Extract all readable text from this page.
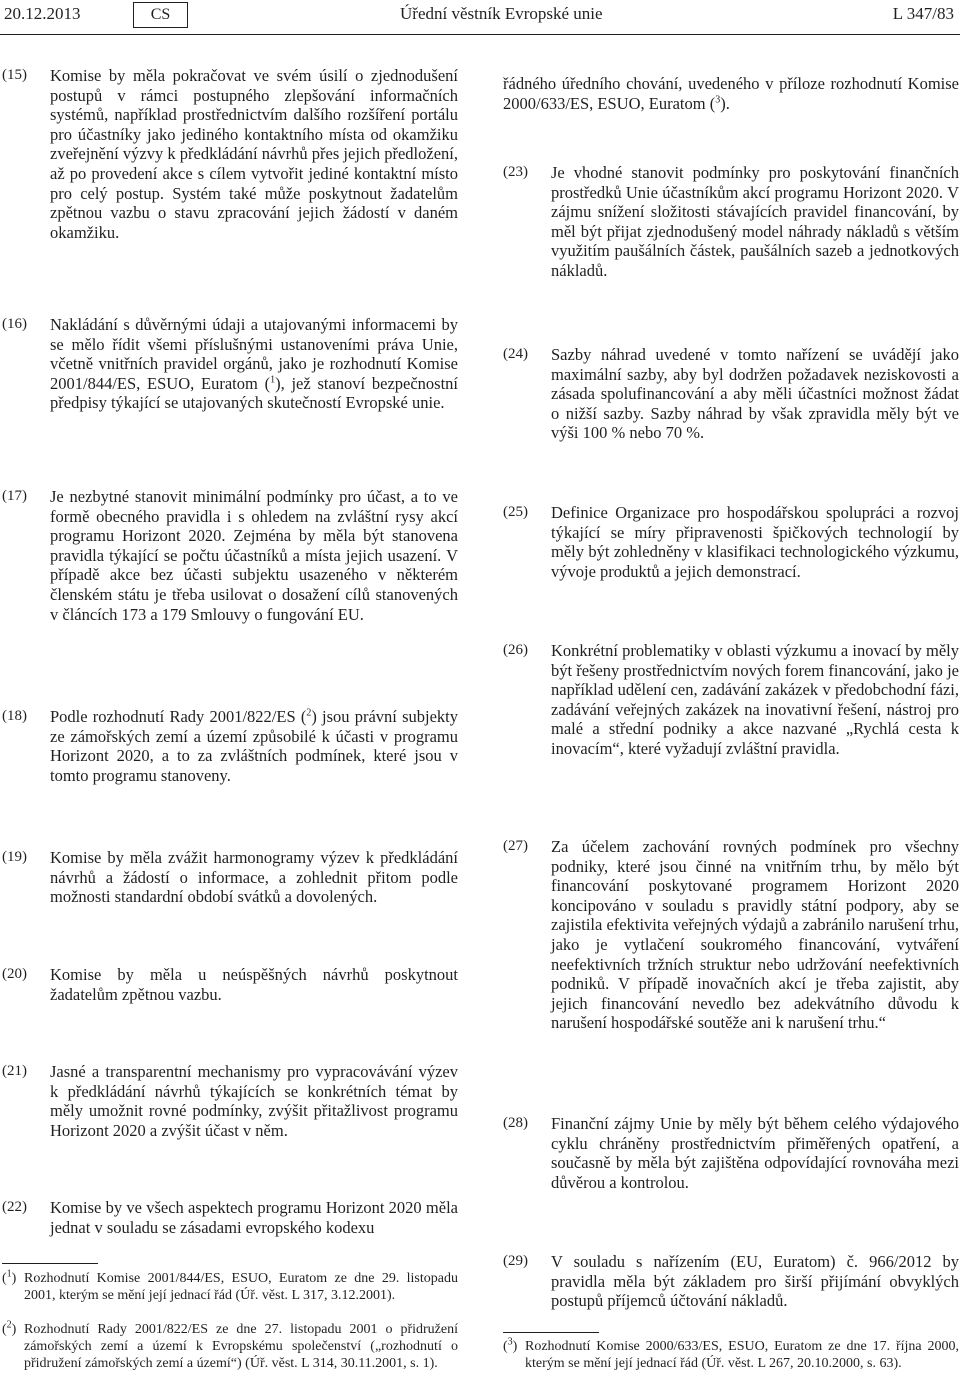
20.12.2013	CS	Úřední věstník Evropské unie	L 347/83
(15)	Komise by měla pokračovat ve svém úsilí o zjednodušení postupů v rámci postupného zlepšování informačních systémů, například prostřednictvím dalšího rozšíření portálu pro účastníky jako jediného kontaktního místa od okamžiku zveřejnění výzvy k předkládání návrhů přes jejich předložení, až po provedení akce s cílem vytvořit jediné kontaktní místo pro celý postup. Systém také může poskytnout žadatelům zpětnou vazbu o stavu zpracování jejich žádostí v daném okamžiku.
(16)	Nakládání s důvěrnými údaji a utajovanými informacemi by se mělo řídit všemi příslušnými ustanoveními práva Unie, včetně vnitřních pravidel orgánů, jako je rozhodnutí Komise 2001/844/ES, ESUO, Euratom ($^1$), jež stanoví bezpečnostní předpisy týkající se utajovaných skutečností Evropské unie.
(17)	Je nezbytné stanovit minimální podmínky pro účast, a to ve formě obecného pravidla i s ohledem na zvláštní rysy akcí programu Horizont 2020. Zejména by měla být stanovena pravidla týkající se počtu účastníků a místa jejich usazení. V případě akce bez účasti subjektu usazeného v některém členském státu je třeba usilovat o dosažení cílů stanovených v článcích 173 a 179 Smlouvy o fungování EU.
(18)	Podle rozhodnutí Rady 2001/822/ES ($^2$) jsou právní subjekty ze zámořských zemí a území způsobilé k účasti v programu Horizont 2020, a to za zvláštních podmínek, které jsou v tomto programu stanoveny.
(19)	Komise by měla zvážit harmonogramy výzev k předkládání návrhů a žádostí o informace, a zohlednit přitom podle možnosti standardní období svátků a dovolených.
(20)	Komise by měla u neúspěšných návrhů poskytnout žadatelům zpětnou vazbu.
(21)	Jasné a transparentní mechanismy pro vypracovávání výzev k předkládání návrhů týkajících se konkrétních témat by měly umožnit rovné podmínky, zvýšit přitažlivost programu Horizont 2020 a zvýšit účast v něm.
(22)	Komise by ve všech aspektech programu Horizont 2020 měla jednat v souladu se zásadami evropského kodexu
($^1$) Rozhodnutí Komise 2001/844/ES, ESUO, Euratom ze dne 29. listopadu 2001, kterým se mění její jednací řád (Úř. věst. L 317, 3.12.2001).
($^2$) Rozhodnutí Rady 2001/822/ES ze dne 27. listopadu 2001 o přidružení zámořských zemí a území k Evropskému společenství („rozhodnutí o přidružení zámořských zemí a území“) (Úř. věst. L 314, 30.11.2001, s. 1).
řádného úředního chování, uvedeného v příloze rozhodnutí Komise 2000/633/ES, ESUO, Euratom ($^3$).
(23)	Je vhodné stanovit podmínky pro poskytování finančních prostředků Unie účastníkům akcí programu Horizont 2020. V zájmu snížení složitosti stávajících pravidel financování, by měl být přijat zjednodušený model náhrady nákladů s větším využitím paušálních částek, paušálních sazeb a jednotkových nákladů.
(24)	Sazby náhrad uvedené v tomto nařízení se uvádějí jako maximální sazby, aby byl dodržen požadavek neziskovosti a zásada spolufinancování a aby měli účastníci možnost žádat o nižší sazby. Sazby náhrad by však zpravidla měly být ve výši 100 % nebo 70 %.
(25)	Definice Organizace pro hospodářskou spolupráci a rozvoj týkající se míry připravenosti špičkových technologií by měly být zohledněny v klasifikaci technologického výzkumu, vývoje produktů a jejich demonstrací.
(26)	Konkrétní problematiky v oblasti výzkumu a inovací by měly být řešeny prostřednictvím nových forem financování, jako je například udělení cen, zadávání zakázek v předobchodní fázi, zadávání veřejných zakázek na inovativní řešení, nástroj pro malé a střední podniky a akce nazvané „Rychlá cesta k inovacím“, které vyžadují zvláštní pravidla.
(27)	Za účelem zachování rovných podmínek pro všechny podniky, které jsou činné na vnitřním trhu, by mělo být financování poskytované programem Horizont 2020 koncipováno v souladu s pravidly státní podpory, aby se zajistila efektivita veřejných výdajů a zabránilo narušení trhu, jako je vytlačení soukromého financování, vytváření neefektivních tržních struktur nebo udržování neefektivních podniků. V případě inovačních akcí je třeba zajistit, aby jejich financování nevedlo bez adekvátního důvodu k narušení hospodářské soutěže ani k narušení trhu.“
(28)	Finanční zájmy Unie by měly být během celého výdajového cyklu chráněny prostřednictvím přiměřených opatření, a současně by měla být zajištěna odpovídající rovnováha mezi důvěrou a kontrolou.
(29)	V souladu s nařízením (EU, Euratom) č. 966/2012 by pravidla měla být základem pro širší přijímání obvyklých postupů příjemců účtování nákladů.
($^3$) Rozhodnutí Komise 2000/633/ES, ESUO, Euratom ze dne 17. října 2000, kterým se mění její jednací řád (Úř. věst. L 267, 20.10.2000, s. 63).
